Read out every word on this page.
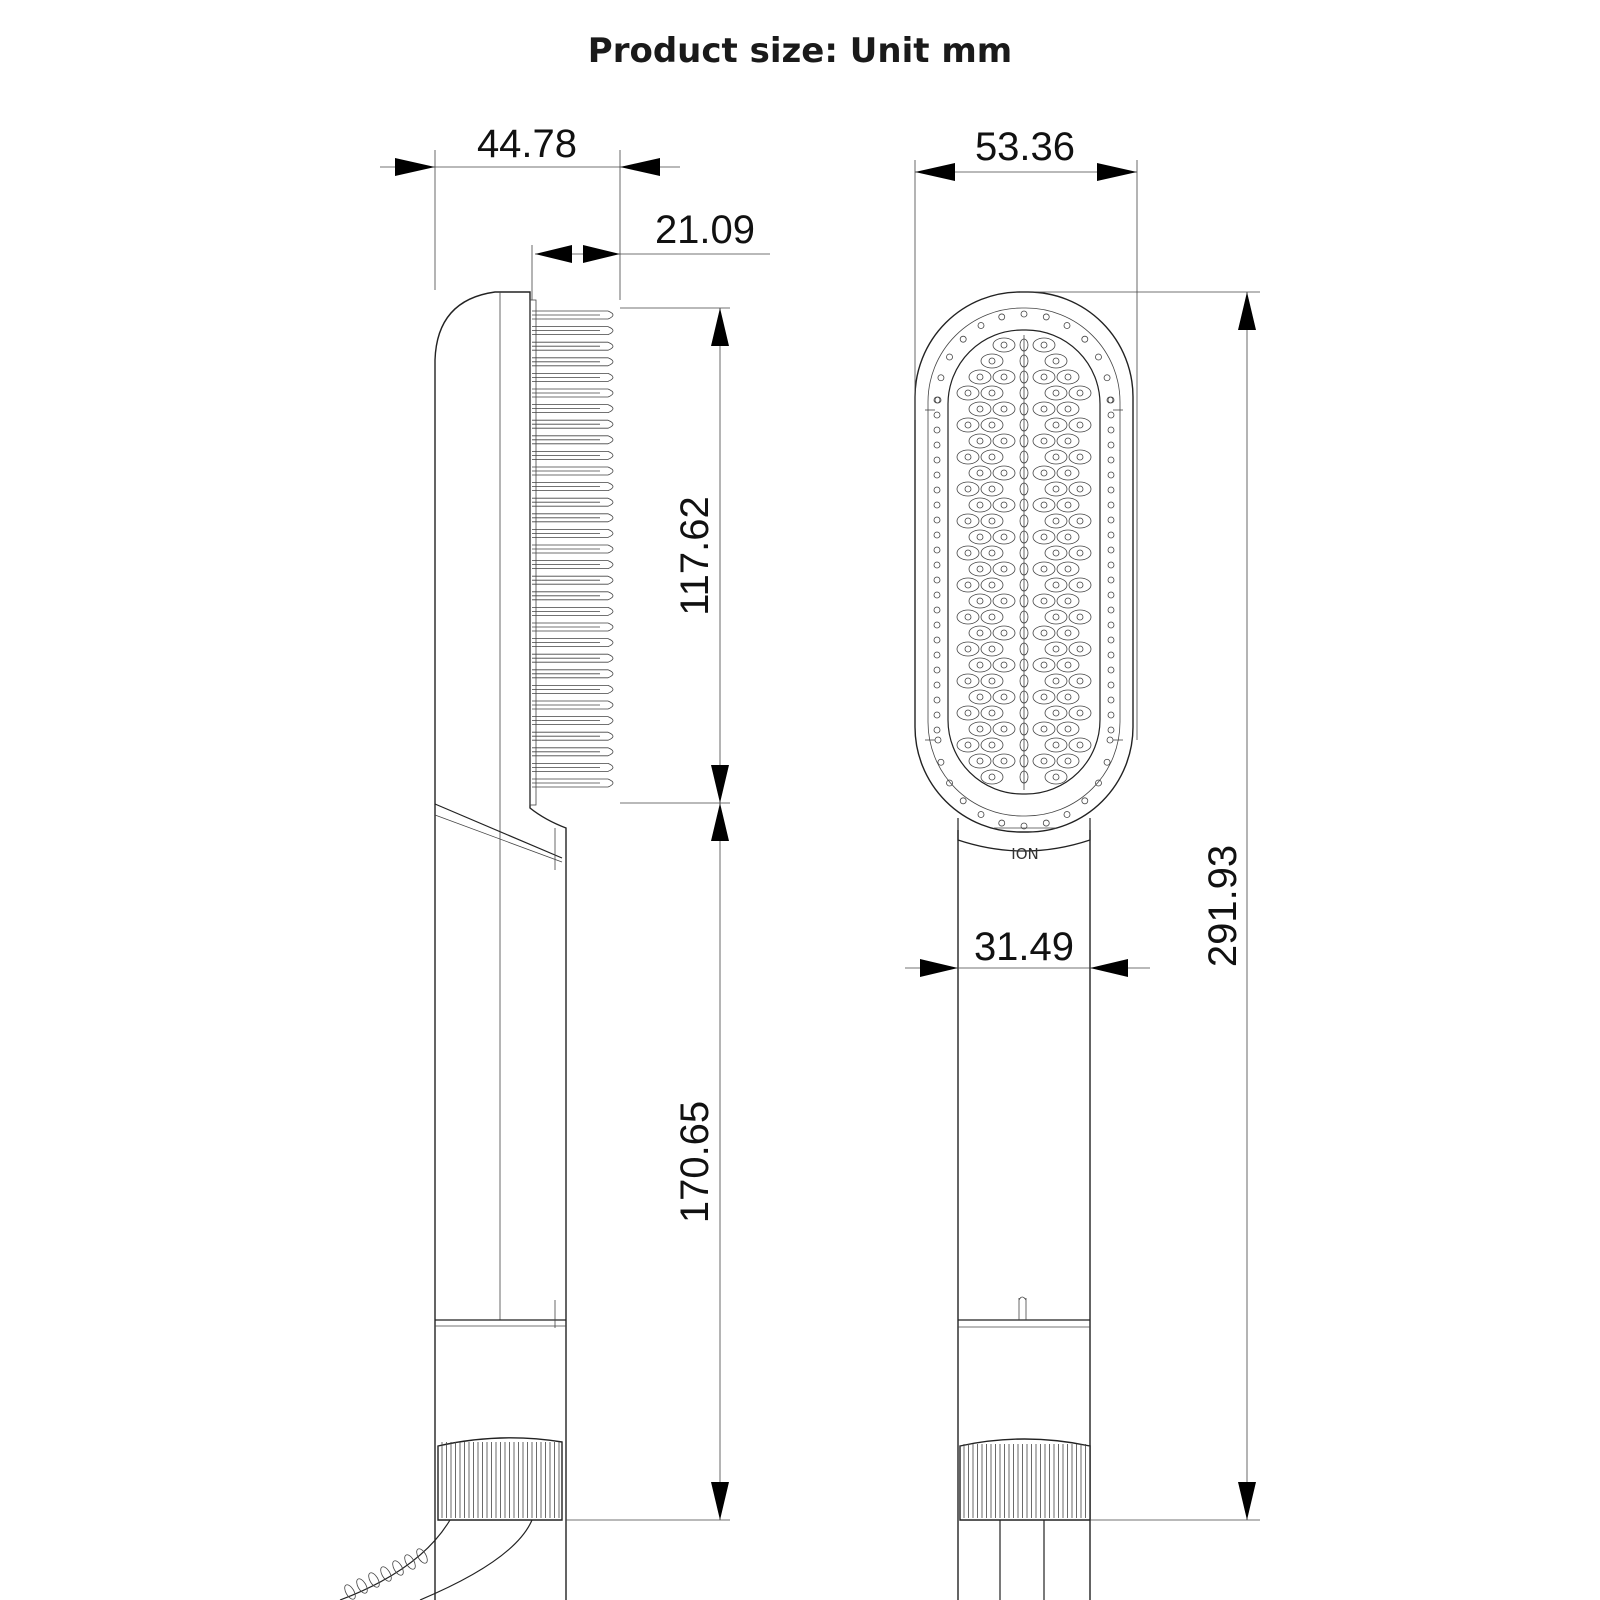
Product size: Unit mm
44.78
21.09
117.62
170.65
ION
53.36
31.49	291.93
